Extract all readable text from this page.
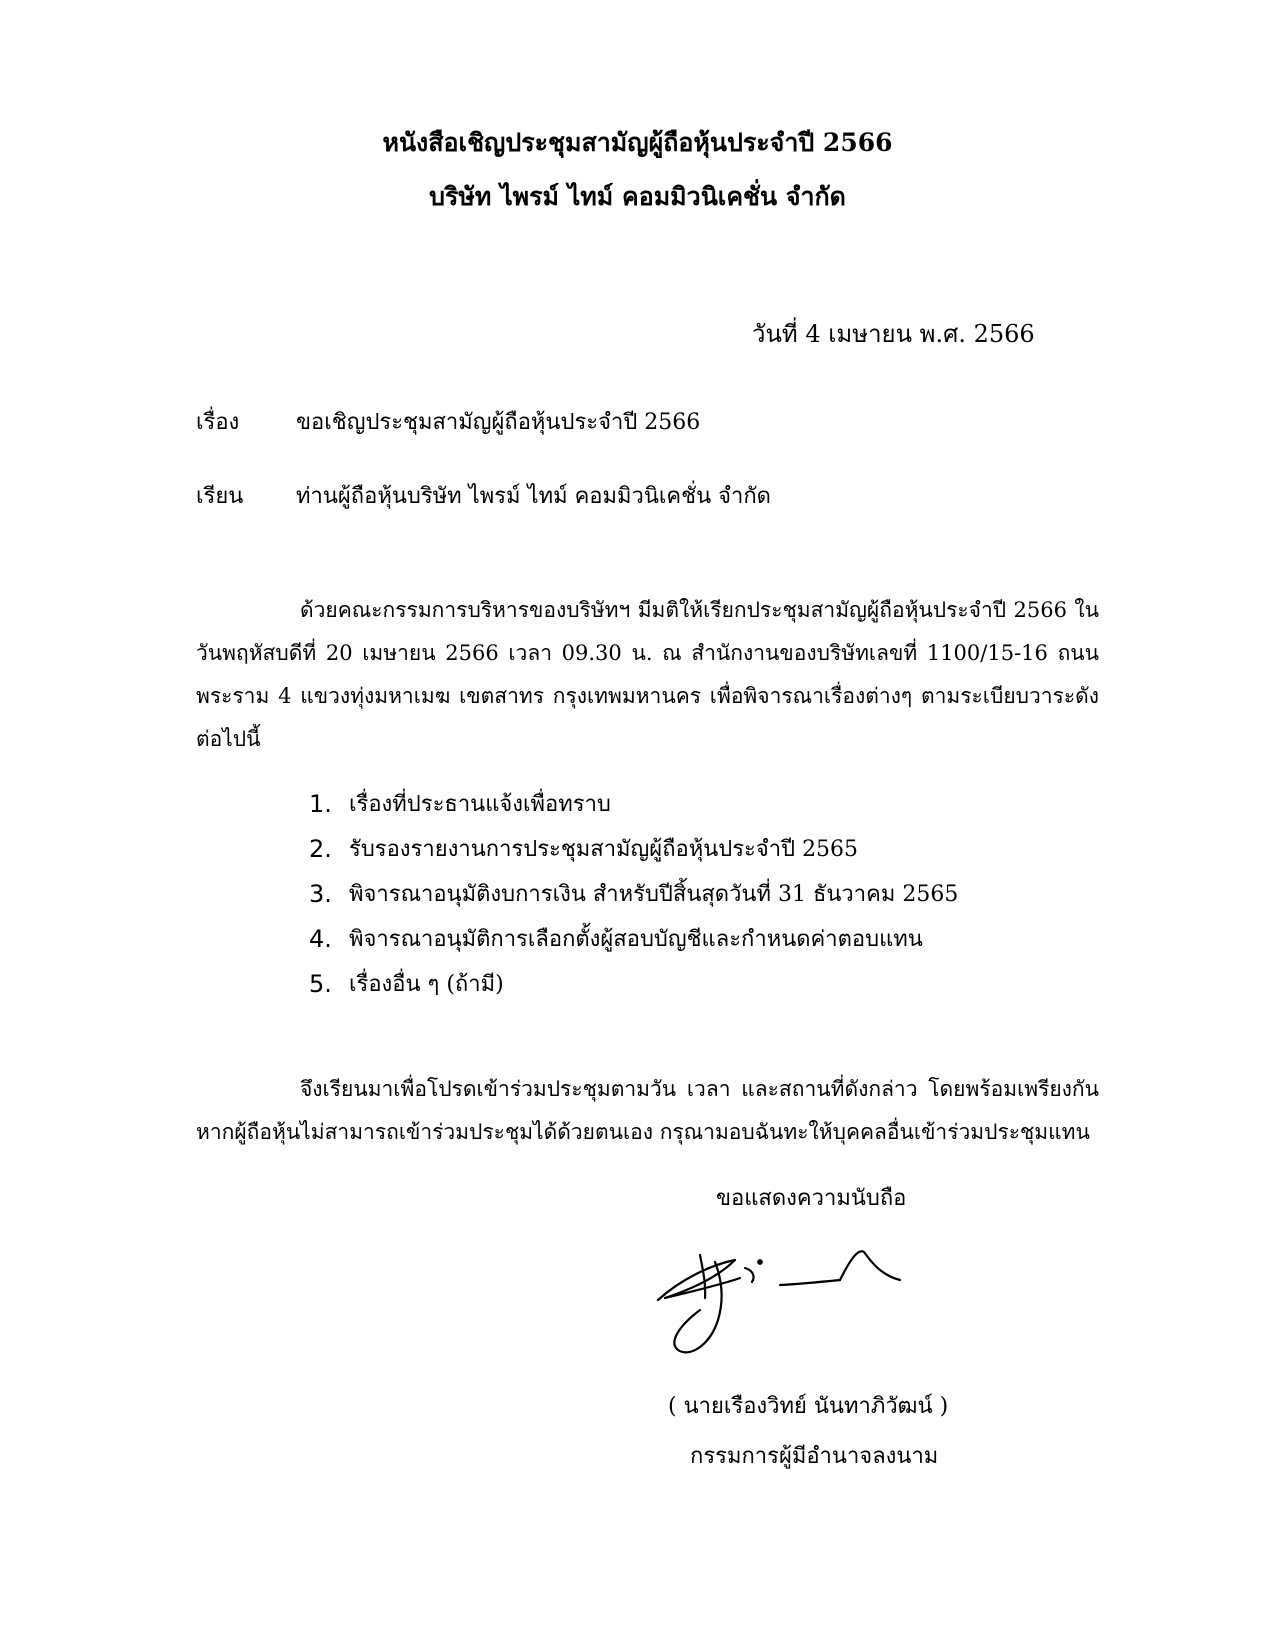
หนังสือเชิญประชุมสามัญผู้ถือหุ้นประจำปี 2566
บริษัท ไพรม์ ไทม์ คอมมิวนิเคชั่น จำกัด
วันที่ 4 เมษายน พ.ศ. 2566
เรื่อง	ขอเชิญประชุมสามัญผู้ถือหุ้นประจำปี 2566
เรียน ท่านผู้ถือหุ้นบริษัท ไพรม์ ไทม์ คอมมิวนิเคชั่น จำกัด

ด้วยคณะกรรมการบริหารของบริษัทฯ มีมติให้เรียกประชุมสามัญผู้ถือหุ้นประจำปี 2566 ในวันพฤหัสบดีที่ 20 เมษายน 2566 เวลา 09.30 น. ณ สำนักงานของบริษัทเลขที่ 1100/15-16 ถนนพระราม 4 แขวงทุ่งมหาเมฆ เขตสาทร กรุงเทพมหานคร เพื่อพิจารณาเรื่องต่างๆ ตามระเบียบวาระดังต่อไปนี้

1. เรื่องที่ประธานแจ้งเพื่อทราบ
2. รับรองรายงานการประชุมสามัญผู้ถือหุ้นประจำปี 2565
3. พิจารณาอนุมัติงบการเงิน สำหรับปีสิ้นสุดวันที่ 31 ธันวาคม 2565
4. พิจารณาอนุมัติการเลือกตั้งผู้สอบบัญชีและกำหนดค่าตอบแทน
5. เรื่องอื่น ๆ (ถ้ามี)

จึงเรียนมาเพื่อโปรดเข้าร่วมประชุมตามวัน เวลา และสถานที่ดังกล่าว โดยพร้อมเพรียงกัน หากผู้ถือหุ้นไม่สามารถเข้าร่วมประชุมได้ด้วยตนเอง กรุณามอบฉันทะให้บุคคลอื่นเข้าร่วมประชุมแทน

ขอแสดงความนับถือ
( นายเรืองวิทย์ นันทาภิวัฒน์ )
กรรมการผู้มีอำนาจลงนาม
